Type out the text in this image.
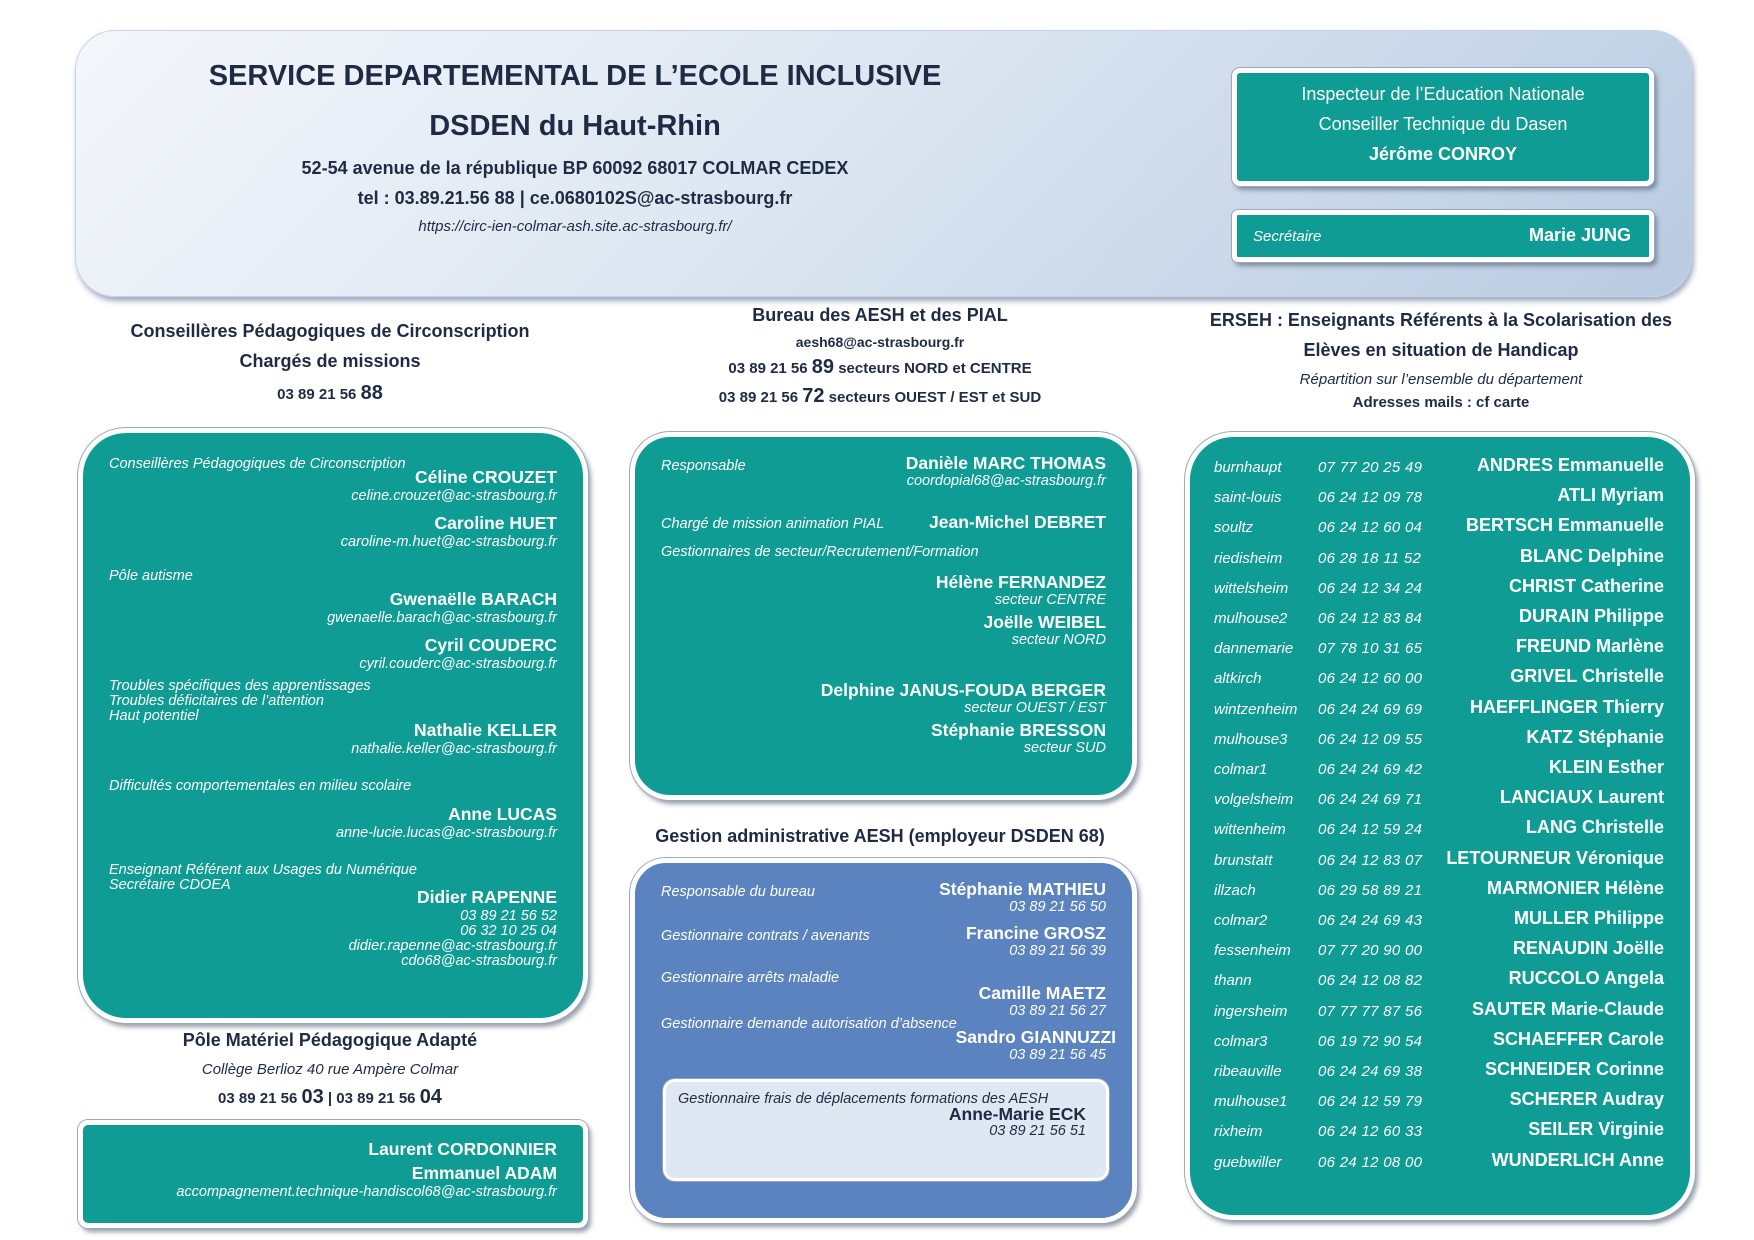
SERVICE DEPARTEMENTAL DE L’ECOLE INCLUSIVE
DSDEN du Haut-Rhin
52-54 avenue de la république BP 60092 68017 COLMAR CEDEX
tel : 03.89.21.56 88 | ce.0680102S@ac-strasbourg.fr
https://circ-ien-colmar-ash.site.ac-strasbourg.fr/
Inspecteur de l’Education Nationale
Conseiller Technique du Dasen
Jérôme CONROY
Secrétaire	Marie JUNG
Conseillères Pédagogiques de Circonscription
Chargés de missions
03 89 21 56 88
Conseillères Pédagogiques de Circonscription
Céline CROUZET
celine.crouzet@ac-strasbourg.fr
Caroline HUET
caroline-m.huet@ac-strasbourg.fr
Pôle autisme
Gwenaëlle BARACH
gwenaelle.barach@ac-strasbourg.fr
Cyril COUDERC
cyril.couderc@ac-strasbourg.fr
Troubles spécifiques des apprentissages
Troubles déficitaires de l’attention
Haut potentiel
Nathalie KELLER
nathalie.keller@ac-strasbourg.fr
Difficultés comportementales en milieu scolaire
Anne LUCAS
anne-lucie.lucas@ac-strasbourg.fr
Enseignant Référent aux Usages du Numérique
Secrétaire CDOEA
Didier RAPENNE
03 89 21 56 52
06 32 10 25 04
didier.rapenne@ac-strasbourg.fr
cdo68@ac-strasbourg.fr
Pôle Matériel Pédagogique Adapté
Collège Berlioz 40 rue Ampère Colmar
03 89 21 56 03 | 03 89 21 56 04
Laurent CORDONNIER
Emmanuel ADAM
accompagnement.technique-handiscol68@ac-strasbourg.fr
Bureau des AESH et des PIAL
aesh68@ac-strasbourg.fr
03 89 21 56 89 secteurs NORD et CENTRE
03 89 21 56 72 secteurs OUEST / EST et SUD
Responsable	Danièle MARC THOMAS
coordopial68@ac-strasbourg.fr
Chargé de mission animation PIAL	Jean-Michel DEBRET
Gestionnaires de secteur/Recrutement/Formation
Hélène FERNANDEZ
secteur CENTRE
Joëlle WEIBEL
secteur NORD
Delphine JANUS-FOUDA BERGER
secteur OUEST / EST
Stéphanie BRESSON
secteur SUD
Gestion administrative AESH (employeur DSDEN 68)
Responsable du bureau	Stéphanie MATHIEU
03 89 21 56 50
Gestionnaire contrats / avenants	Francine GROSZ
03 89 21 56 39
Gestionnaire arrêts maladie
Camille MAETZ
03 89 21 56 27
Gestionnaire demande autorisation d’absence
Sandro GIANNUZZI
03 89 21 56 45
Gestionnaire frais de déplacements formations des AESH
Anne-Marie ECK
03 89 21 56 51
ERSEH : Enseignants Référents à la Scolarisation des
Elèves en situation de Handicap
Répartition sur l’ensemble du département
Adresses mails : cf carte
burnhaupt 07 77 20 25 49	ANDRES Emmanuelle
saint-louis 06 24 12 09 78	ATLI Myriam
soultz	06 24 12 60 04 BERTSCH Emmanuelle
riedisheim 06 28 18 11 52	BLANC Delphine
wittelsheim 06 24 12 34 24	CHRIST Catherine
mulhouse2 06 24 12 83 84	DURAIN Philippe
dannemarie 07 78 10 31 65	FREUND Marlène
altkirch	06 24 12 60 00	GRIVEL Christelle
wintzenheim 06 24 24 69 69	HAEFFLINGER Thierry
mulhouse3 06 24 12 09 55	KATZ Stéphanie
colmar1	06 24 24 69 42	KLEIN Esther
volgelsheim 06 24 24 69 71	LANCIAUX Laurent
wittenheim 06 24 12 59 24	LANG Christelle
brunstatt	06 24 12 83 07 LETOURNEUR Véronique
illzach	06 29 58 89 21	MARMONIER Hélène
colmar2	06 24 24 69 43	MULLER Philippe
fessenheim 07 77 20 90 00	RENAUDIN Joëlle
thann	06 24 12 08 82	RUCCOLO Angela
ingersheim 07 77 77 87 56	SAUTER Marie-Claude
colmar3	06 19 72 90 54	SCHAEFFER Carole
ribeauville 06 24 24 69 38	SCHNEIDER Corinne
mulhouse1 06 24 12 59 79	SCHERER Audray
rixheim	06 24 12 60 33	SEILER Virginie
guebwiller 06 24 12 08 00	WUNDERLICH Anne
